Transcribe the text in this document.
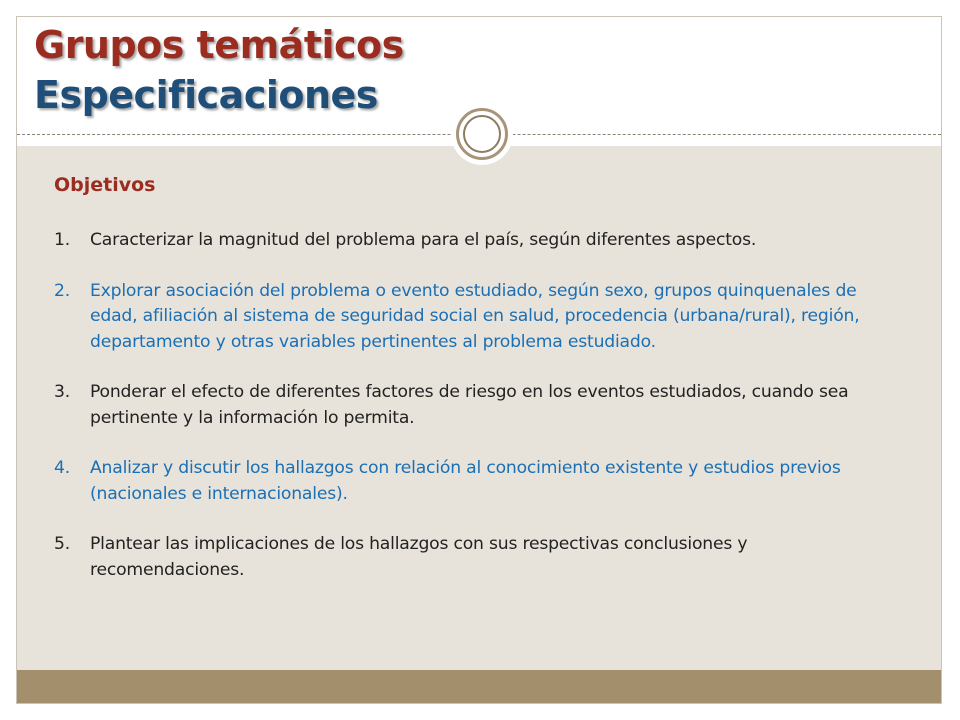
Grupos temáticos
Especificaciones
Objetivos
1. Caracterizar la magnitud del problema para el país, según diferentes aspectos.
2. Explorar asociación del problema o evento estudiado, según sexo, grupos quinquenales de edad, afiliación al sistema de seguridad social en salud, procedencia (urbana/rural), región, departamento y otras variables pertinentes al problema estudiado.
3. Ponderar el efecto de diferentes factores de riesgo en los eventos estudiados, cuando sea pertinente y la información lo permita.
4. Analizar y discutir los hallazgos con relación al conocimiento existente y estudios previos (nacionales e internacionales).
5. Plantear las implicaciones de los hallazgos con sus respectivas conclusiones y recomendaciones.
